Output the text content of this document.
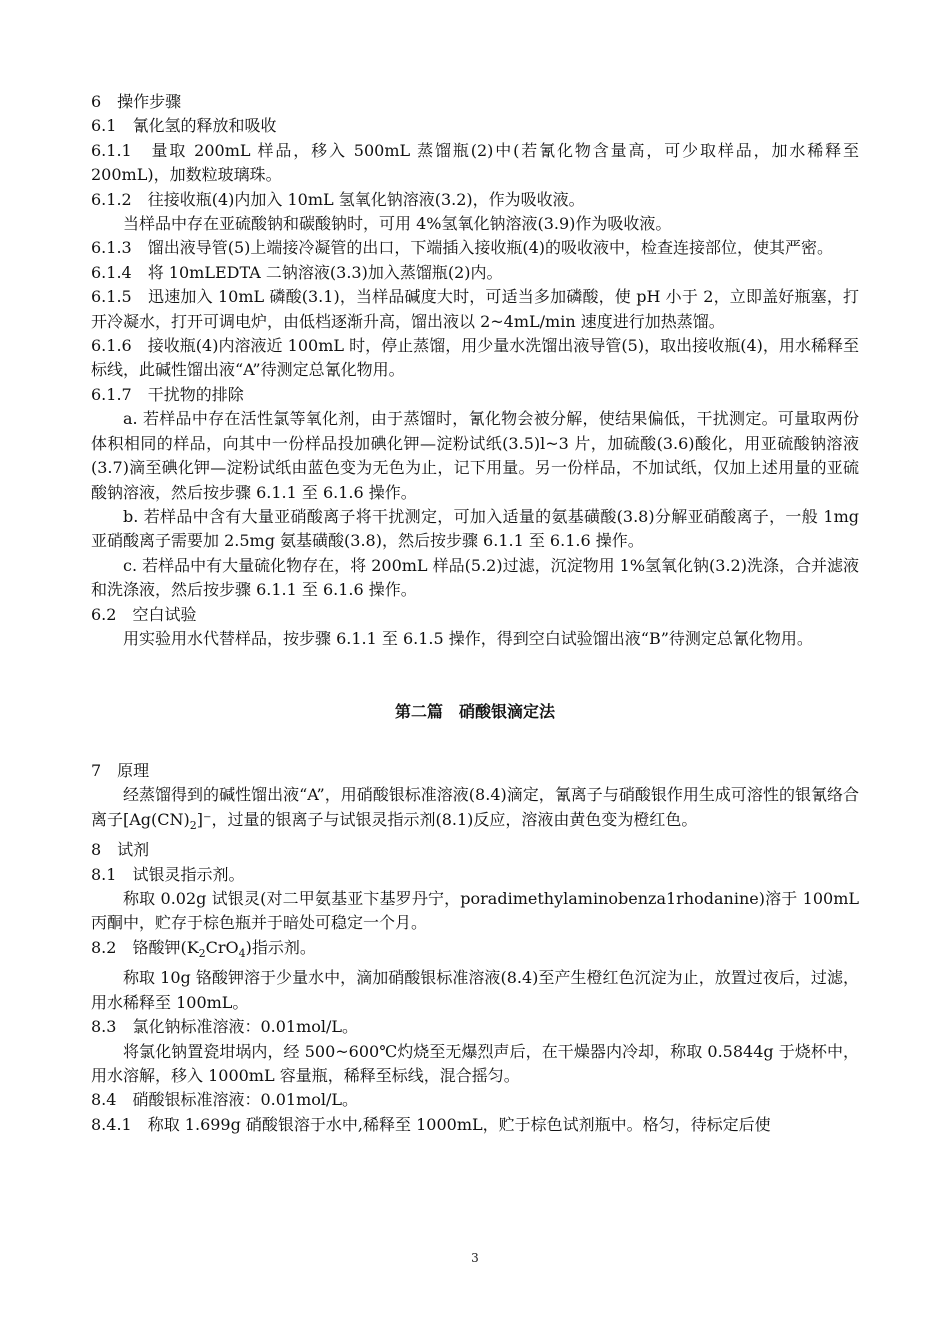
6　操作步骤

6.1　氰化氢的释放和吸收

6.1.1　量取 200mL 样品，移入 500mL 蒸馏瓶(2)中(若氰化物含量高，可少取样品，加水稀释至 200mL)，加数粒玻璃珠。

6.1.2　往接收瓶(4)内加入 10mL 氢氧化钠溶液(3.2)，作为吸收液。

当样品中存在亚硫酸钠和碳酸钠时，可用 4%氢氧化钠溶液(3.9)作为吸收液。

6.1.3　馏出液导管(5)上端接冷凝管的出口，下端插入接收瓶(4)的吸收液中，检查连接部位，使其严密。

6.1.4　将 10mLEDTA 二钠溶液(3.3)加入蒸馏瓶(2)内。

6.1.5　迅速加入 10mL 磷酸(3.1)，当样品碱度大时，可适当多加磷酸，使 pH 小于 2，立即盖好瓶塞，打开冷凝水，打开可调电炉，由低档逐渐升高，馏出液以 2~4mL/min 速度进行加热蒸馏。

6.1.6　接收瓶(4)内溶液近 100mL 时，停止蒸馏，用少量水洗馏出液导管(5)，取出接收瓶(4)，用水稀释至标线，此碱性馏出液“A”待测定总氰化物用。

6.1.7　干扰物的排除

a. 若样品中存在活性氯等氧化剂，由于蒸馏时，氰化物会被分解，使结果偏低，干扰测定。可量取两份体积相同的样品，向其中一份样品投加碘化钾—淀粉试纸(3.5)l~3 片，加硫酸(3.6)酸化，用亚硫酸钠溶液(3.7)滴至碘化钾—淀粉试纸由蓝色变为无色为止，记下用量。另一份样品，不加试纸，仅加上述用量的亚硫酸钠溶液，然后按步骤 6.1.1 至 6.1.6 操作。

b. 若样品中含有大量亚硝酸离子将干扰测定，可加入适量的氨基磺酸(3.8)分解亚硝酸离子，一般 1mg 亚硝酸离子需要加 2.5mg 氨基磺酸(3.8)，然后按步骤 6.1.1 至 6.1.6 操作。

c. 若样品中有大量硫化物存在，将 200mL 样品(5.2)过滤，沉淀物用 1%氢氧化钠(3.2)洗涤，合并滤液和洗涤液，然后按步骤 6.1.1 至 6.1.6 操作。

6.2　空白试验

用实验用水代替样品，按步骤 6.1.1 至 6.1.5 操作，得到空白试验馏出液“B”待测定总氰化物用。

第二篇　硝酸银滴定法

7　原理

经蒸馏得到的碱性馏出液“A”，用硝酸银标准溶液(8.4)滴定，氰离子与硝酸银作用生成可溶性的银氰络合离子$[Ag(CN)_2]^-$，过量的银离子与试银灵指示剂(8.1)反应，溶液由黄色变为橙红色。

8　试剂

8.1　试银灵指示剂。

称取 0.02g 试银灵(对二甲氨基亚卞基罗丹宁，poradimethylaminobenza1rhodanine)溶于 100mL 丙酮中，贮存于棕色瓶并于暗处可稳定一个月。

8.2　铬酸钾$(K_2CrO_4)$指示剂。

称取 10g 铬酸钾溶于少量水中，滴加硝酸银标准溶液(8.4)至产生橙红色沉淀为止，放置过夜后，过滤，用水稀释至 100mL。

8.3　氯化钠标准溶液：0.01mol/L。

将氯化钠置瓷坩埚内，经 500~600℃灼烧至无爆烈声后，在干燥器内冷却，称取 0.5844g 于烧杯中，用水溶解，移入 1000mL 容量瓶，稀释至标线，混合摇匀。

8.4　硝酸银标准溶液：0.01mol/L。

8.4.1　称取 1.699g 硝酸银溶于水中,稀释至 1000mL，贮于棕色试剂瓶中。格匀，待标定后使

3
